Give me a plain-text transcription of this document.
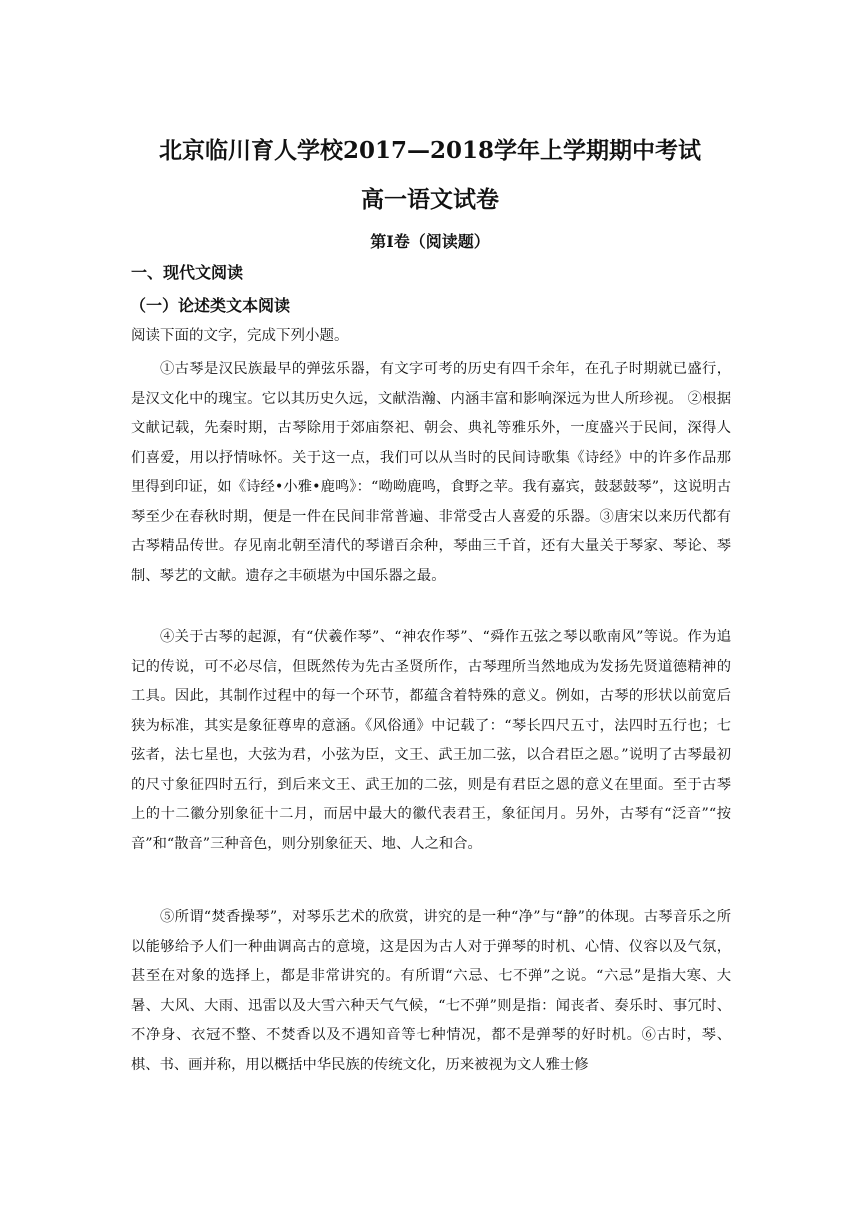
北京临川育人学校2017—2018学年上学期期中考试
高一语文试卷
第Ⅰ卷（阅读题）
一、现代文阅读
（一）论述类文本阅读
阅读下面的文字，完成下列小题。

①古琴是汉民族最早的弹弦乐器，有文字可考的历史有四千余年，在孔子时期就已盛行，是汉文化中的瑰宝。它以其历史久远，文献浩瀚、内涵丰富和影响深远为世人所珍视。 ②根据文献记载，先秦时期，古琴除用于郊庙祭祀、朝会、典礼等雅乐外，一度盛兴于民间，深得人们喜爱，用以抒情咏怀。关于这一点，我们可以从当时的民间诗歌集《诗经》中的许多作品那里得到印证，如《诗经•小雅•鹿鸣》：“呦呦鹿鸣，食野之苹。我有嘉宾，鼓瑟鼓琴”，这说明古琴至少在春秋时期，便是一件在民间非常普遍、非常受古人喜爱的乐器。③唐宋以来历代都有古琴精品传世。存见南北朝至清代的琴谱百余种，琴曲三千首，还有大量关于琴家、琴论、琴制、琴艺的文献。遗存之丰硕堪为中国乐器之最。

④关于古琴的起源，有“伏羲作琴”、“神农作琴”、“舜作五弦之琴以歌南风”等说。作为追记的传说，可不必尽信，但既然传为先古圣贤所作，古琴理所当然地成为发扬先贤道德精神的工具。因此，其制作过程中的每一个环节，都蕴含着特殊的意义。例如，古琴的形状以前宽后狭为标准，其实是象征尊卑的意涵。《风俗通》中记载了：“琴长四尺五寸，法四时五行也；七弦者，法七星也，大弦为君，小弦为臣，文王、武王加二弦，以合君臣之恩。”说明了古琴最初的尺寸象征四时五行，到后来文王、武王加的二弦，则是有君臣之恩的意义在里面。至于古琴上的十二徽分别象征十二月，而居中最大的徽代表君王，象征闰月。另外，古琴有“泛音”“按音”和“散音”三种音色，则分别象征天、地、人之和合。

⑤所谓“焚香操琴”，对琴乐艺术的欣赏，讲究的是一种“净”与“静”的体现。古琴音乐之所以能够给予人们一种曲调高古的意境，这是因为古人对于弹琴的时机、心情、仪容以及气氛，甚至在对象的选择上，都是非常讲究的。有所谓“六忌、七不弹”之说。“六忌”是指大寒、大暑、大风、大雨、迅雷以及大雪六种天气气候，“七不弹”则是指：闻丧者、奏乐时、事冗时、不净身、衣冠不整、不焚香以及不遇知音等七种情况，都不是弹琴的好时机。⑥古时，琴、棋、书、画并称，用以概括中华民族的传统文化，历来被视为文人雅士修
